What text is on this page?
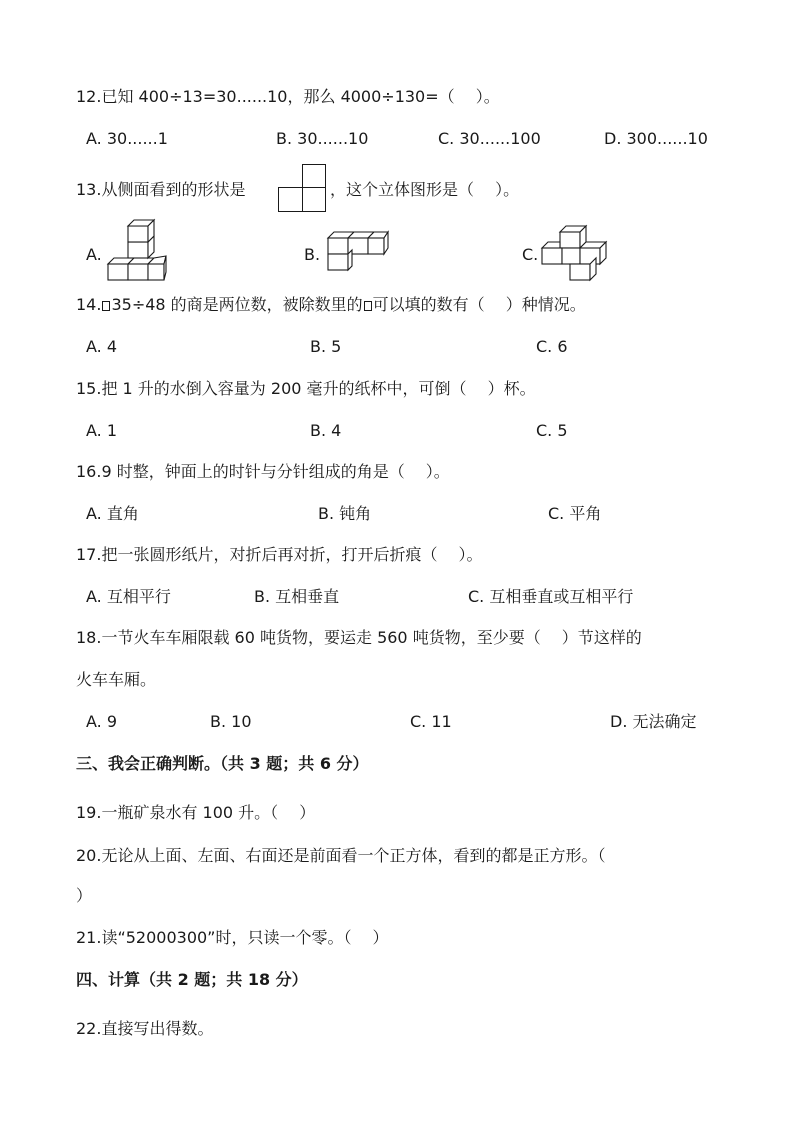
12.已知 400÷13=30......10，那么 4000÷130=（　 ）。
A. 30......1	B. 30......10	C. 30......100	D. 300......10
13.从侧面看到的形状是	，这个立体图形是（　 ）。
A.	B.	C.
14. 35÷48 的商是两位数，被除数里的 可以填的数有（　 ）种情况。
A. 4	B. 5	C. 6
15.把 1 升的水倒入容量为 200 毫升的纸杯中，可倒（　 ）杯。
A. 1	B. 4	C. 5
16.9 时整，钟面上的时针与分针组成的角是（　 ）。
A. 直角	B. 钝角	C. 平角
17.把一张圆形纸片，对折后再对折，打开后折痕（　 ）。
A. 互相平行	B. 互相垂直	C. 互相垂直或互相平行
18.一节火车车厢限载 60 吨货物，要运走 560 吨货物，至少要（　 ）节这样的
火车车厢。
A. 9	B. 10	C. 11	D. 无法确定
三、我会正确判断。（共 3 题；共 6 分）
19.一瓶矿泉水有 100 升。（　 ）
20.无论从上面、左面、右面还是前面看一个正方体，看到的都是正方形。（
）
21.读“52000300”时，只读一个零。（　 ）
四、计算（共 2 题；共 18 分）
22.直接写出得数。
